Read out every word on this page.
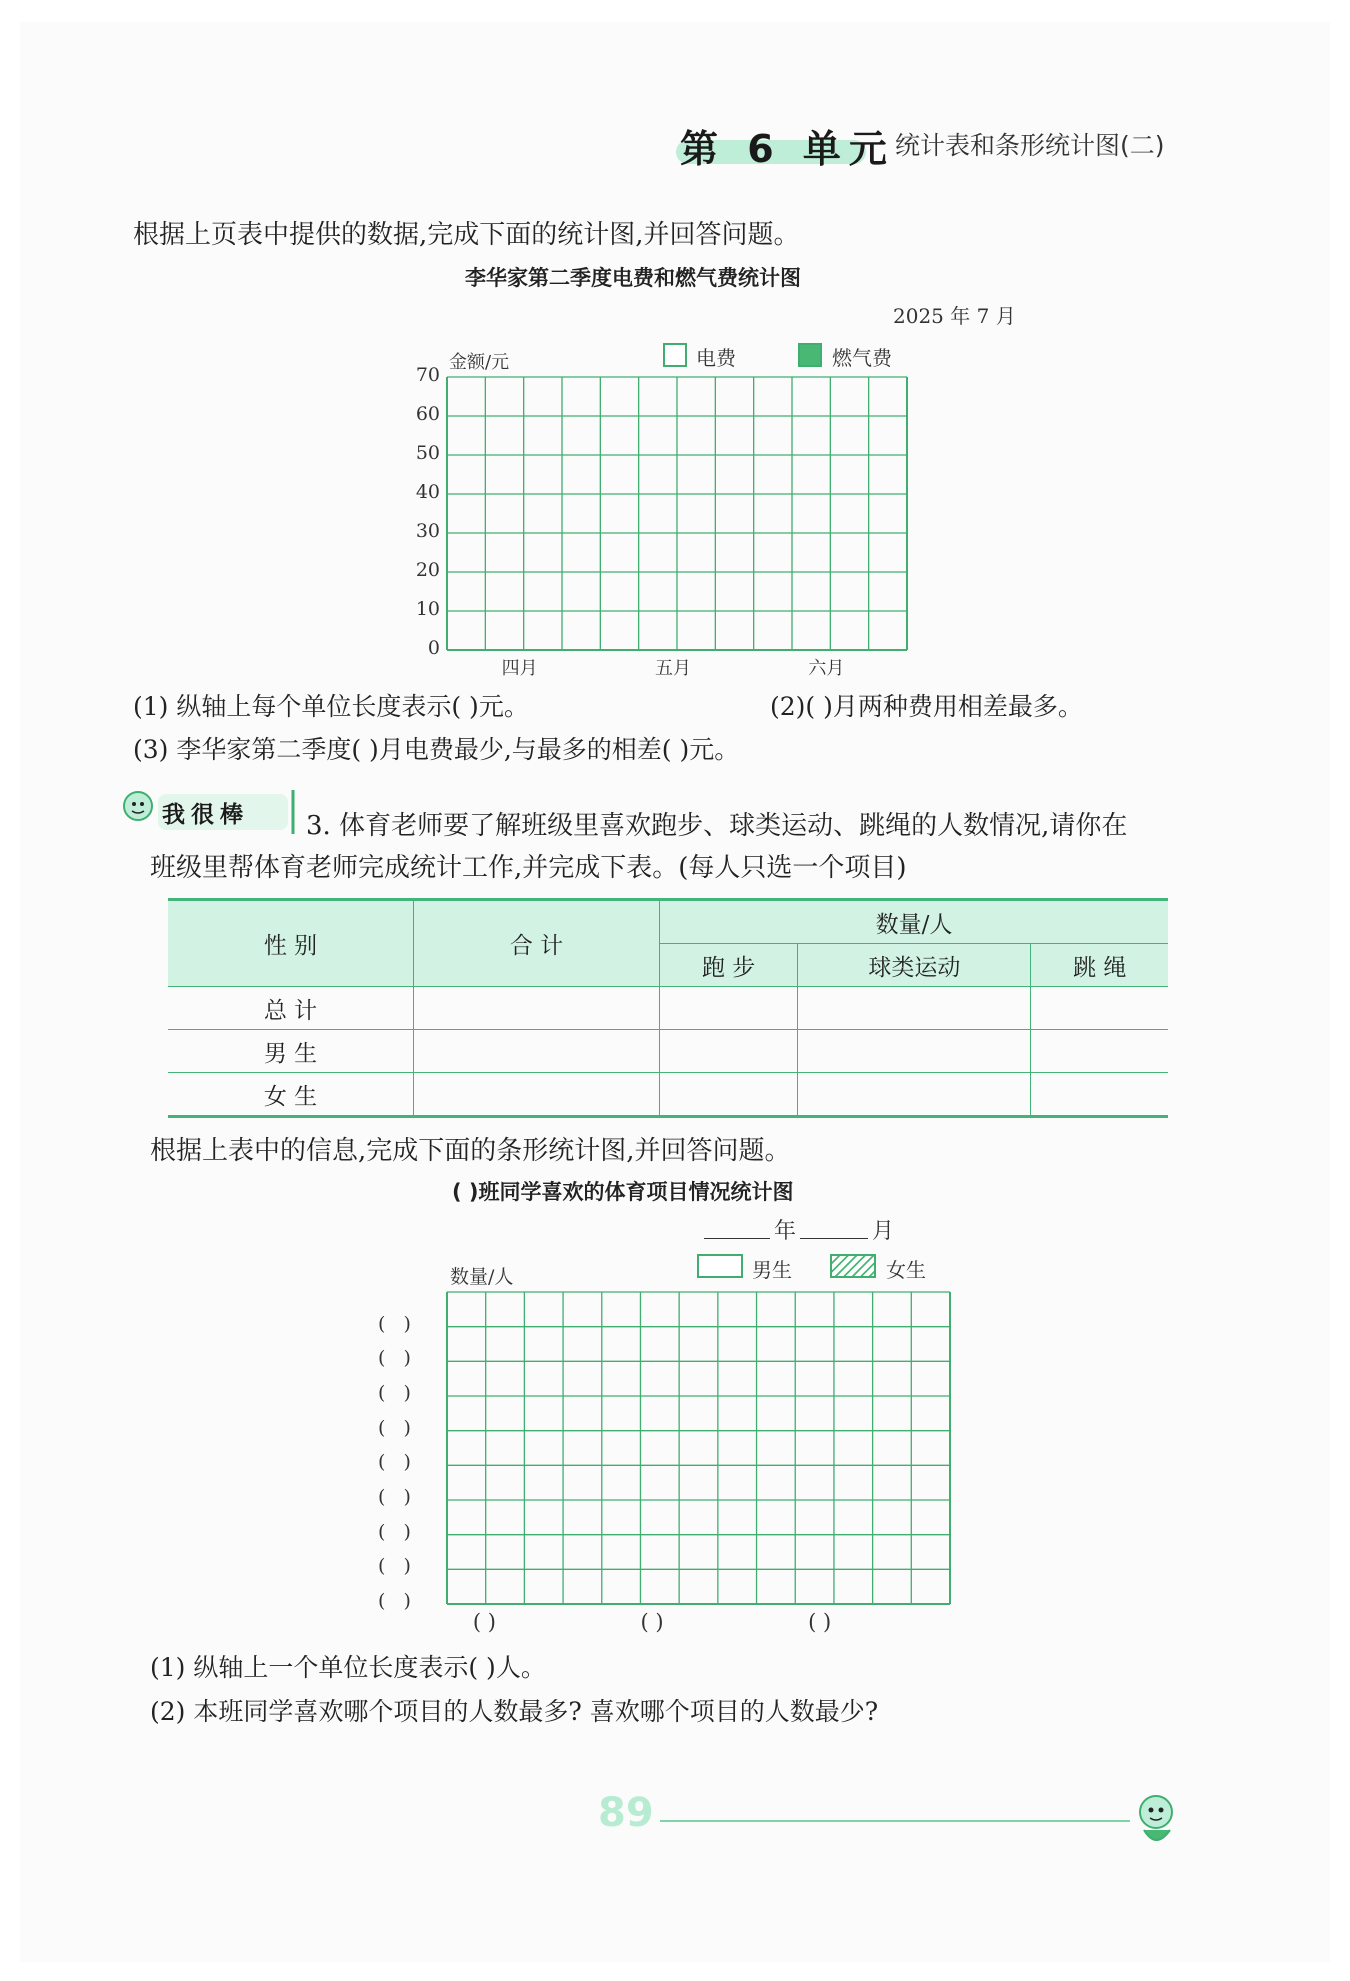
第 6 单元 统计表和条形统计图(二)
根据上页表中提供的数据,完成下面的统计图,并回答问题。
李华家第二季度电费和燃气费统计图
2025 年 7 月
金额/元	电费	燃气费
0
10
20
30
40
50
60
70
四月	五月	六月
(1) 纵轴上每个单位长度表示( )元。	(2)( )月两种费用相差最多。
(3) 李华家第二季度( )月电费最少,与最多的相差( )元。
我很棒 3. 体育老师要了解班级里喜欢跑步、球类运动、跳绳的人数情况,请你在
班级里帮体育老师完成统计工作,并完成下表。(每人只选一个项目)
性 别	合 计	数量/人		
		跑 步	球类运动	跳 绳
总 计				
男 生				
女 生				
根据上表中的信息,完成下面的条形统计图,并回答问题。
( )班同学喜欢的体育项目情况统计图
年	月
数量/人	男生	女生
( )
( )
( )
( )
( )
( )
( )
( )
( )
( )	( )	( )
(1) 纵轴上一个单位长度表示( )人。
(2) 本班同学喜欢哪个项目的人数最多? 喜欢哪个项目的人数最少?
89
